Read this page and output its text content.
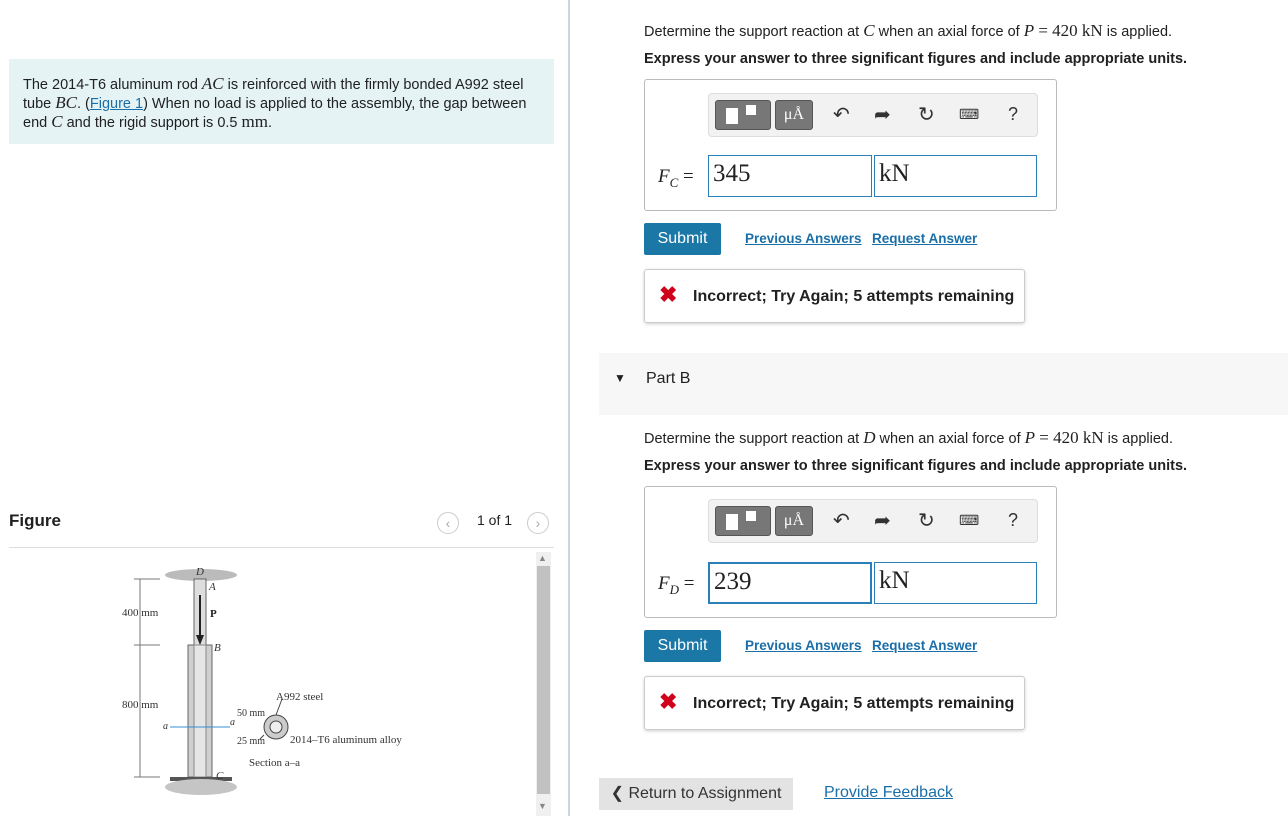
The 2014-T6 aluminum rod AC is reinforced with the firmly bonded A992 steel tube BC. (Figure 1) When no load is applied to the assembly, the gap between end C and the rigid support is 0.5 mm.
Figure	‹	1 of 1	›
D
A
P
B
C
400 mm
800 mm
a	a
A992 steel
50 mm
25 mm 2014–T6 aluminum alloy
Section a–a
▲
▼
Determine the support reaction at C when an axial force of P = 420 kN is applied.
Express your answer to three significant figures and include appropriate units.
μÅ	↶ ➦ ↻ ⌨ ?
$F_C = 345$	kN
Submit	Previous Answers Request Answer
✖ Incorrect; Try Again; 5 attempts remaining
▼ Part B
Determine the support reaction at D when an axial force of P = 420 kN is applied.
Express your answer to three significant figures and include appropriate units.
μÅ	↶ ➦ ↻ ⌨ ?
$F_D = 239$	kN
Submit	Previous Answers Request Answer
✖ Incorrect; Try Again; 5 attempts remaining
❮ Return to Assignment	Provide Feedback
